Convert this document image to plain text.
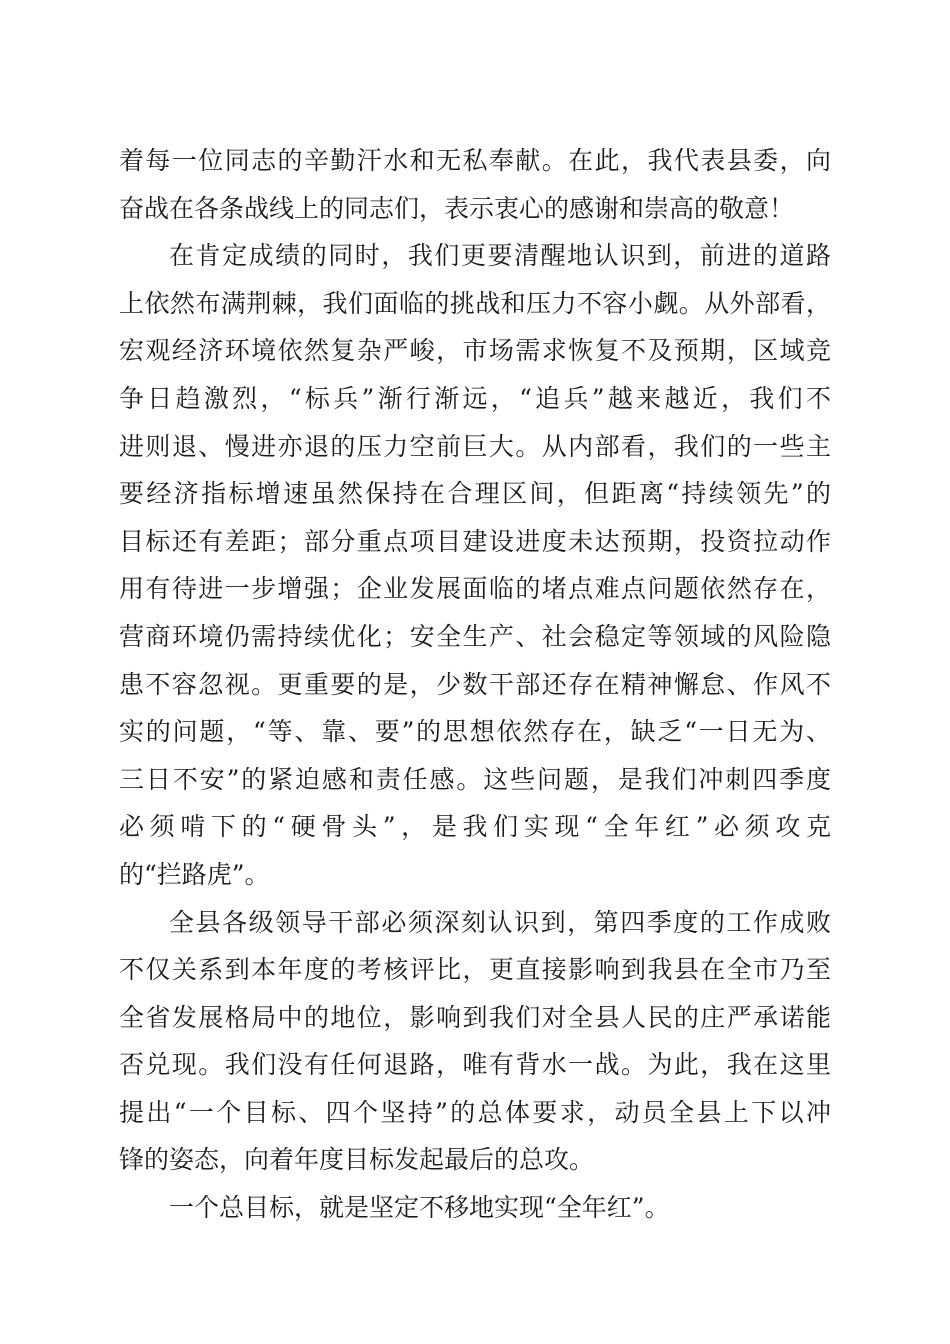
着每一位同志的辛勤汗水和无私奉献。在此，我代表县委，向
奋战在各条战线上的同志们，表示衷心的感谢和崇高的敬意！
在肯定成绩的同时，我们更要清醒地认识到，前进的道路
上依然布满荆棘，我们面临的挑战和压力不容小觑。从外部看，
宏观经济环境依然复杂严峻，市场需求恢复不及预期，区域竞
争日趋激烈，“标兵”渐行渐远，“追兵”越来越近，我们不
进则退、慢进亦退的压力空前巨大。从内部看，我们的一些主
要经济指标增速虽然保持在合理区间，但距离“持续领先”的
目标还有差距；部分重点项目建设进度未达预期，投资拉动作
用有待进一步增强；企业发展面临的堵点难点问题依然存在，
营商环境仍需持续优化；安全生产、社会稳定等领域的风险隐
患不容忽视。更重要的是，少数干部还存在精神懈怠、作风不
实的问题，“等、靠、要”的思想依然存在，缺乏“一日无为、
三日不安”的紧迫感和责任感。这些问题，是我们冲刺四季度
必须啃下的“硬骨头”，是我们实现“全年红”必须攻克
的“拦路虎”。
全县各级领导干部必须深刻认识到，第四季度的工作成败
不仅关系到本年度的考核评比，更直接影响到我县在全市乃至
全省发展格局中的地位，影响到我们对全县人民的庄严承诺能
否兑现。我们没有任何退路，唯有背水一战。为此，我在这里
提出“一个目标、四个坚持”的总体要求，动员全县上下以冲
锋的姿态，向着年度目标发起最后的总攻。
一个总目标，就是坚定不移地实现“全年红”。
